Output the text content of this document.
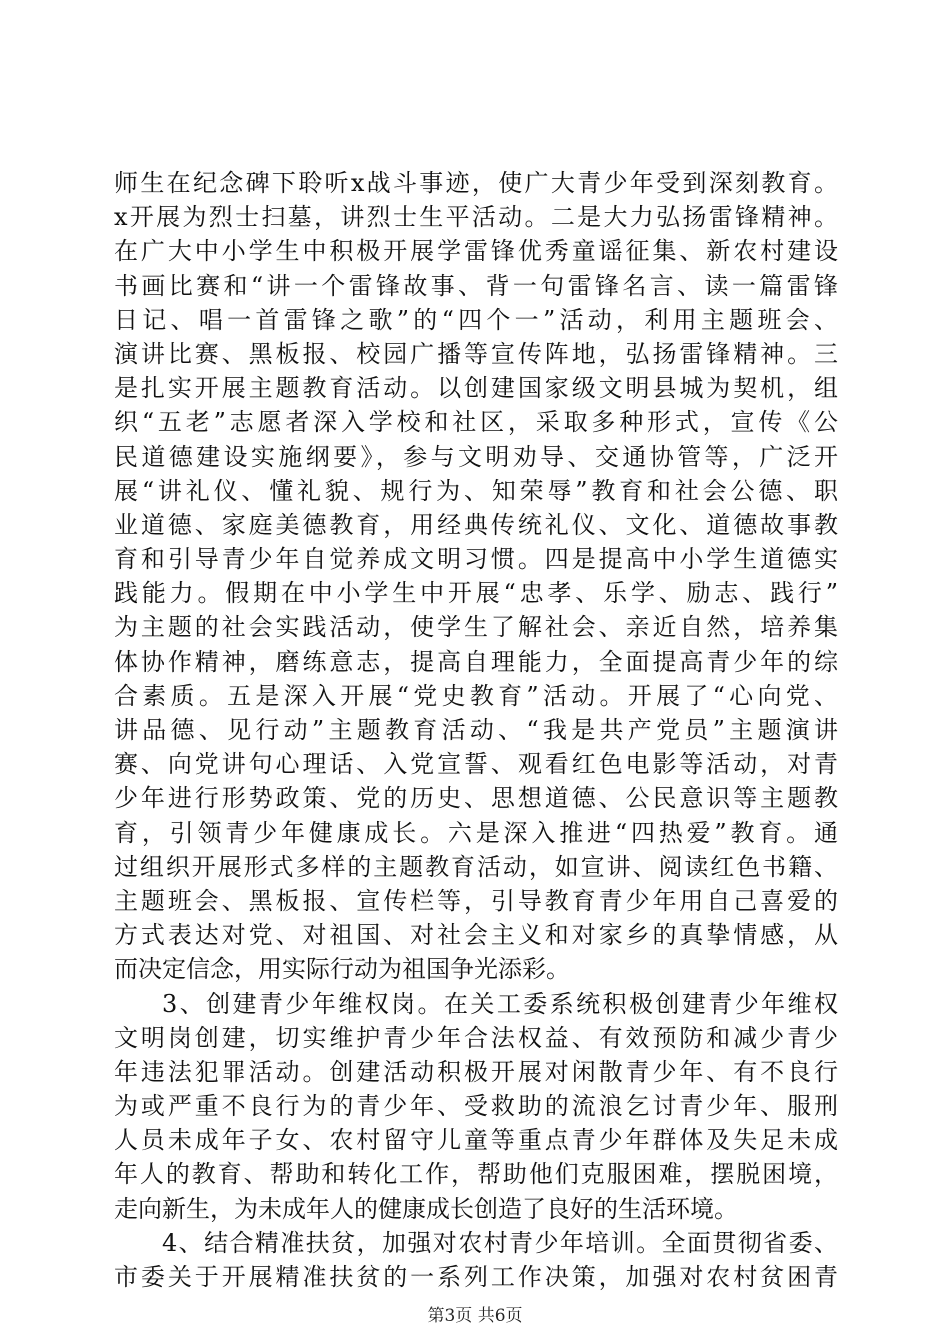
师生在纪念碑下聆听x战斗事迹，使广大青少年受到深刻教育。
x开展为烈士扫墓，讲烈士生平活动。二是大力弘扬雷锋精神。
在广大中小学生中积极开展学雷锋优秀童谣征集、新农村建设
书画比赛和“讲一个雷锋故事、背一句雷锋名言、读一篇雷锋
日记、唱一首雷锋之歌”的“四个一”活动，利用主题班会、
演讲比赛、黑板报、校园广播等宣传阵地，弘扬雷锋精神。三
是扎实开展主题教育活动。以创建国家级文明县城为契机，组
织“五老”志愿者深入学校和社区，采取多种形式，宣传《公
民道德建设实施纲要》，参与文明劝导、交通协管等，广泛开
展“讲礼仪、懂礼貌、规行为、知荣辱”教育和社会公德、职
业道德、家庭美德教育，用经典传统礼仪、文化、道德故事教
育和引导青少年自觉养成文明习惯。四是提高中小学生道德实
践能力。假期在中小学生中开展“忠孝、乐学、励志、践行”
为主题的社会实践活动，使学生了解社会、亲近自然，培养集
体协作精神，磨练意志，提高自理能力，全面提高青少年的综
合素质。五是深入开展“党史教育”活动。开展了“心向党、
讲品德、见行动”主题教育活动、“我是共产党员”主题演讲
赛、向党讲句心理话、入党宣誓、观看红色电影等活动，对青
少年进行形势政策、党的历史、思想道德、公民意识等主题教
育，引领青少年健康成长。六是深入推进“四热爱”教育。通
过组织开展形式多样的主题教育活动，如宣讲、阅读红色书籍、
主题班会、黑板报、宣传栏等，引导教育青少年用自己喜爱的
方式表达对党、对祖国、对社会主义和对家乡的真挚情感，从
而决定信念，用实际行动为祖国争光添彩。
3、创建青少年维权岗。在关工委系统积极创建青少年维权
文明岗创建，切实维护青少年合法权益、有效预防和减少青少
年违法犯罪活动。创建活动积极开展对闲散青少年、有不良行
为或严重不良行为的青少年、受救助的流浪乞讨青少年、服刑
人员未成年子女、农村留守儿童等重点青少年群体及失足未成
年人的教育、帮助和转化工作，帮助他们克服困难，摆脱困境，
走向新生，为未成年人的健康成长创造了良好的生活环境。
4、结合精准扶贫，加强对农村青少年培训。全面贯彻省委、
市委关于开展精准扶贫的一系列工作决策，加强对农村贫困青
第3页 共6页
